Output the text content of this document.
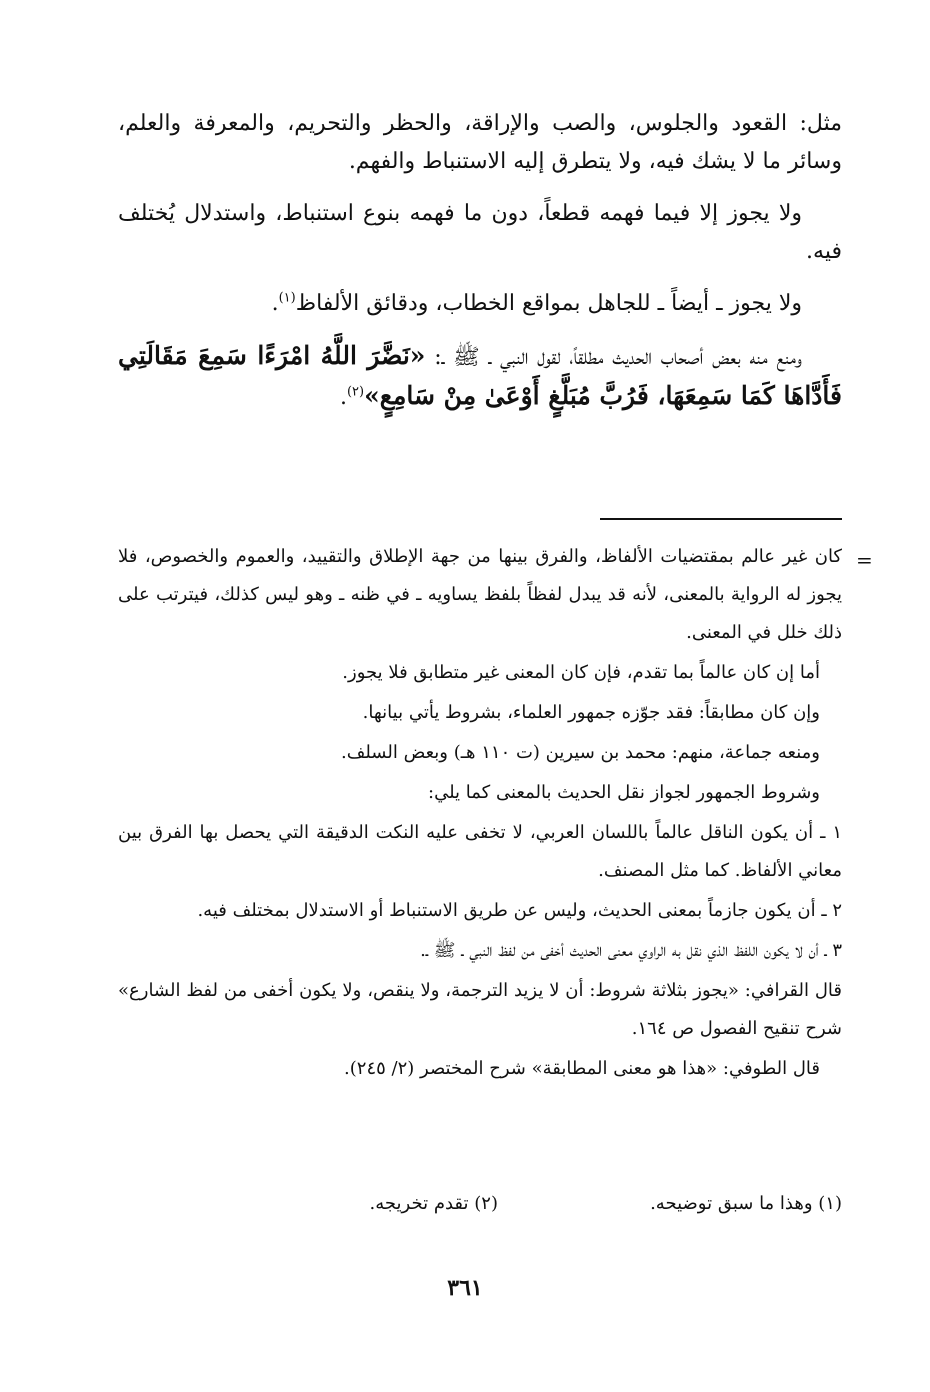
مثل: القعود والجلوس، والصب والإراقة، والحظر والتحريم، والمعرفة والعلم، وسائر ما لا يشك فيه، ولا يتطرق إليه الاستنباط والفهم.

ولا يجوز إلا فيما فهمه قطعاً، دون ما فهمه بنوع استنباط، واستدلال يُختلف فيه.

ولا يجوز ـ أيضاً ـ للجاهل بمواقع الخطاب، ودقائق الألفاظ$^{(١)}$.

ومنع منه بعض أصحاب الحديث مطلقاً، لقول النبي ـ ﷺ ـ: «نَضَّرَ اللَّهُ امْرَءًا سَمِعَ مَقَالَتِي فَأَدَّاهَا كَمَا سَمِعَهَا، فَرُبَّ مُبَلَّغٍ أَوْعَىٰ مِنْ سَامِعٍ»$^{(٢)}$.

=

كان غير عالم بمقتضيات الألفاظ، والفرق بينها من جهة الإطلاق والتقييد، والعموم والخصوص، فلا يجوز له الرواية بالمعنى، لأنه قد يبدل لفظاً بلفظ يساويه ـ في ظنه ـ وهو ليس كذلك، فيترتب على ذلك خلل في المعنى.

أما إن كان عالماً بما تقدم، فإن كان المعنى غير متطابق فلا يجوز.

وإن كان مطابقاً: فقد جوّزه جمهور العلماء، بشروط يأتي بيانها.

ومنعه جماعة، منهم: محمد بن سيرين (ت ١١٠ هـ) وبعض السلف.

وشروط الجمهور لجواز نقل الحديث بالمعنى كما يلي:

١ ـ أن يكون الناقل عالماً باللسان العربي، لا تخفى عليه النكت الدقيقة التي يحصل بها الفرق بين معاني الألفاظ. كما مثل المصنف.

٢ ـ أن يكون جازماً بمعنى الحديث، وليس عن طريق الاستنباط أو الاستدلال بمختلف فيه.

٣ ـ أن لا يكون اللفظ الذي نقل به الراوي معنى الحديث أخفى من لفظ النبي ـ ﷺ ـ.

قال القرافي: «يجوز بثلاثة شروط: أن لا يزيد الترجمة، ولا ينقص، ولا يكون أخفى من لفظ الشارع» شرح تنقيح الفصول ص ١٦٤.

قال الطوفي: «هذا هو معنى المطابقة» شرح المختصر (٢/ ٢٤٥).

(١) وهذا ما سبق توضيحه.
(٢) تقدم تخريجه.
٣٦١
